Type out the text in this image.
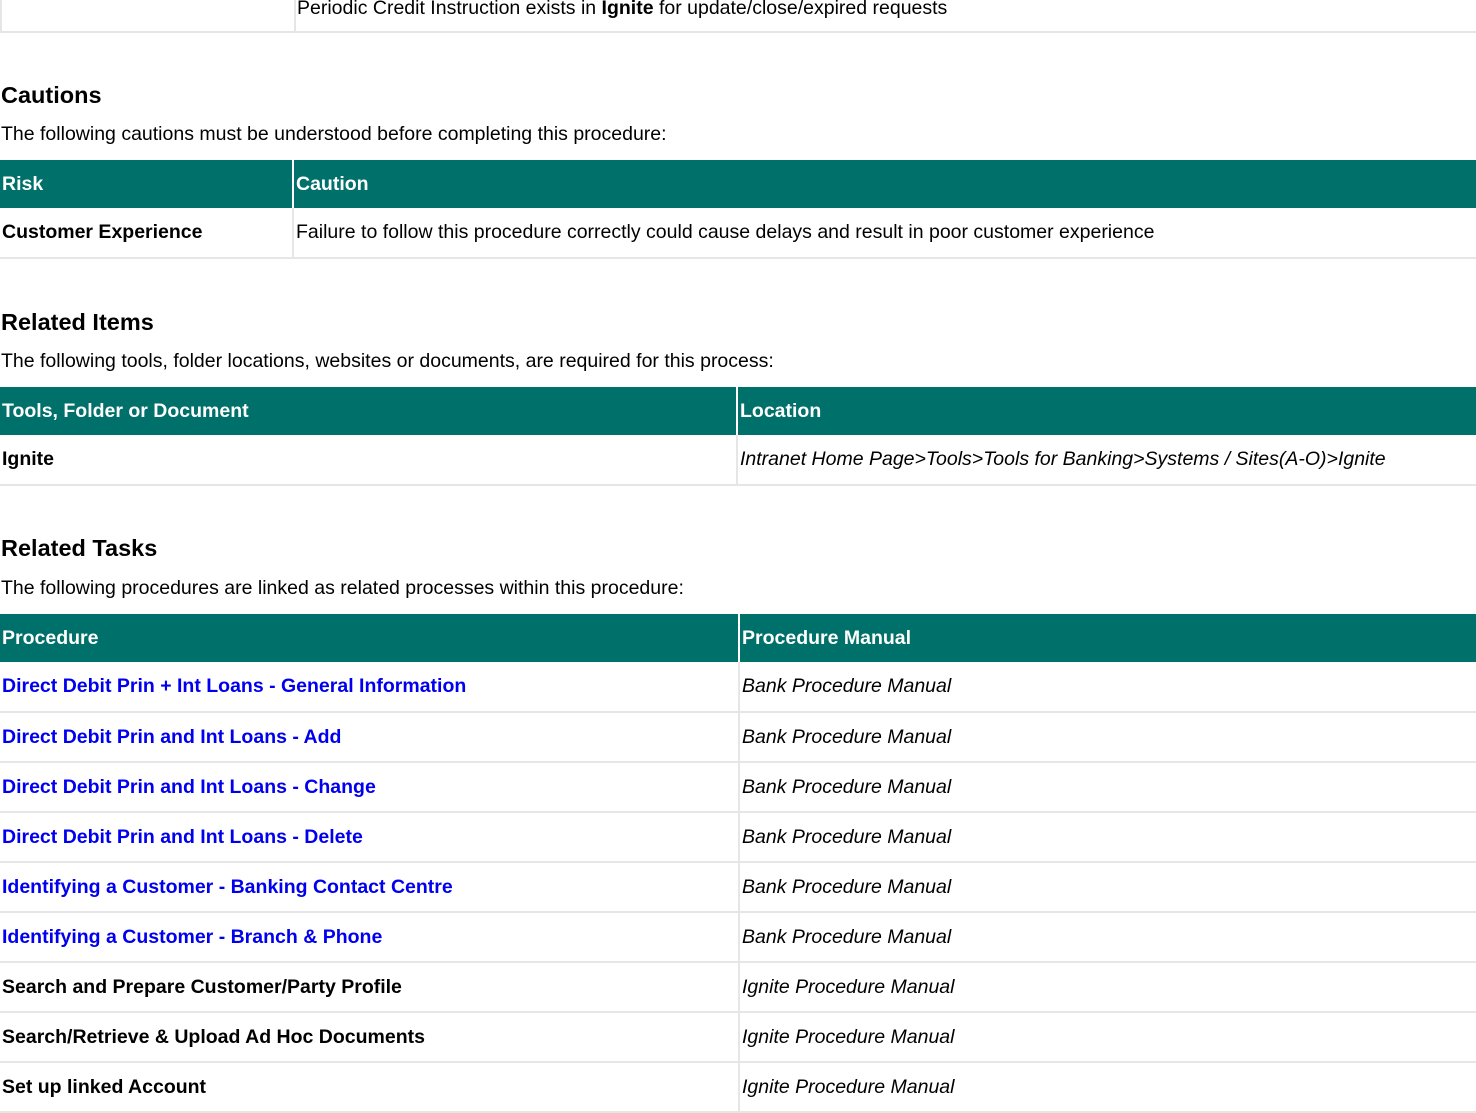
Periodic Credit Instruction exists in Ignite for update/close/expired requests
Cautions
The following cautions must be understood before completing this procedure:
Risk	Caution
Customer Experience	Failure to follow this procedure correctly could cause delays and result in poor customer experience
Related Items
The following tools, folder locations, websites or documents, are required for this process:
Tools, Folder or Document	Location
Ignite	Intranet Home Page>Tools>Tools for Banking>Systems / Sites(A-O)>Ignite
Related Tasks
The following procedures are linked as related processes within this procedure:
Procedure	Procedure Manual
Direct Debit Prin + Int Loans - General Information	Bank Procedure Manual
Direct Debit Prin and Int Loans - Add	Bank Procedure Manual
Direct Debit Prin and Int Loans - Change	Bank Procedure Manual
Direct Debit Prin and Int Loans - Delete	Bank Procedure Manual
Identifying a Customer - Banking Contact Centre	Bank Procedure Manual
Identifying a Customer - Branch & Phone	Bank Procedure Manual
Search and Prepare Customer/Party Profile	Ignite Procedure Manual
Search/Retrieve & Upload Ad Hoc Documents	Ignite Procedure Manual
Set up linked Account	Ignite Procedure Manual
